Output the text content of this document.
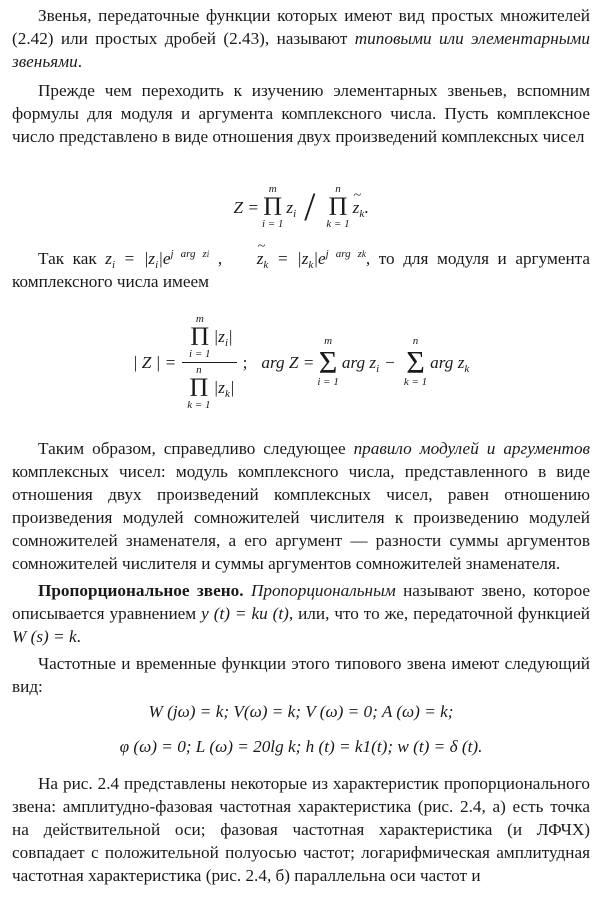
Звенья, передаточные функции которых имеют вид простых множителей (2.42) или простых дробей (2.43), называют типовыми или элементарными звеньями.

Прежде чем переходить к изучению элементарных звеньев, вспомним формулы для модуля и аргумента комплексного числа. Пусть комплексное число представлено в виде отношения двух произведений комплексных чисел

Z =
m
Π
i = 1
$z_i$ / n
Π
k = 1
~ $z_k$.

Так как $z_i = |z_i|e^{j arg zi}$ , ~ $z_k = |z_k|e^{j arg zk}$, то для модуля и аргумента комплексного числа имеем

| Z | = m
Π
i = 1
$|z_i|$
n
Π
k = 1
$|z_k|$ ; arg Z =
m
Σ
i = 1
arg $z_i$ −
n
Σ
k = 1
arg $z_k$

Таким образом, справедливо следующее правило модулей и аргументов комплексных чисел: модуль комплексного числа, представленного в виде отношения двух произведений комплексных чисел, равен отношению произведения модулей сомножителей числителя к произведению модулей сомножителей знаменателя, а его аргумент — разности суммы аргументов сомножителей числителя и суммы аргументов сомножителей знаменателя.

Пропорциональное звено. Пропорциональным называют звено, которое описывается уравнением y (t) = ku (t), или, что то же, передаточной функцией W (s) = k.

Частотные и временные функции этого типового звена имеют следующий вид:

W (jω) = k; V(ω) = k; V (ω) = 0; A (ω) = k;
φ (ω) = 0; L (ω) = 20lg k; h (t) = k1(t); w (t) = δ (t).

На рис. 2.4 представлены некоторые из характеристик пропорционального звена: амплитудно-фазовая частотная характеристика (рис. 2.4, а) есть точка на действительной оси; фазовая частотная характеристика (и ЛФЧХ) совпадает с положительной полуосью частот; логарифмическая амплитудная частотная характеристика (рис. 2.4, б) параллельна оси частот и
